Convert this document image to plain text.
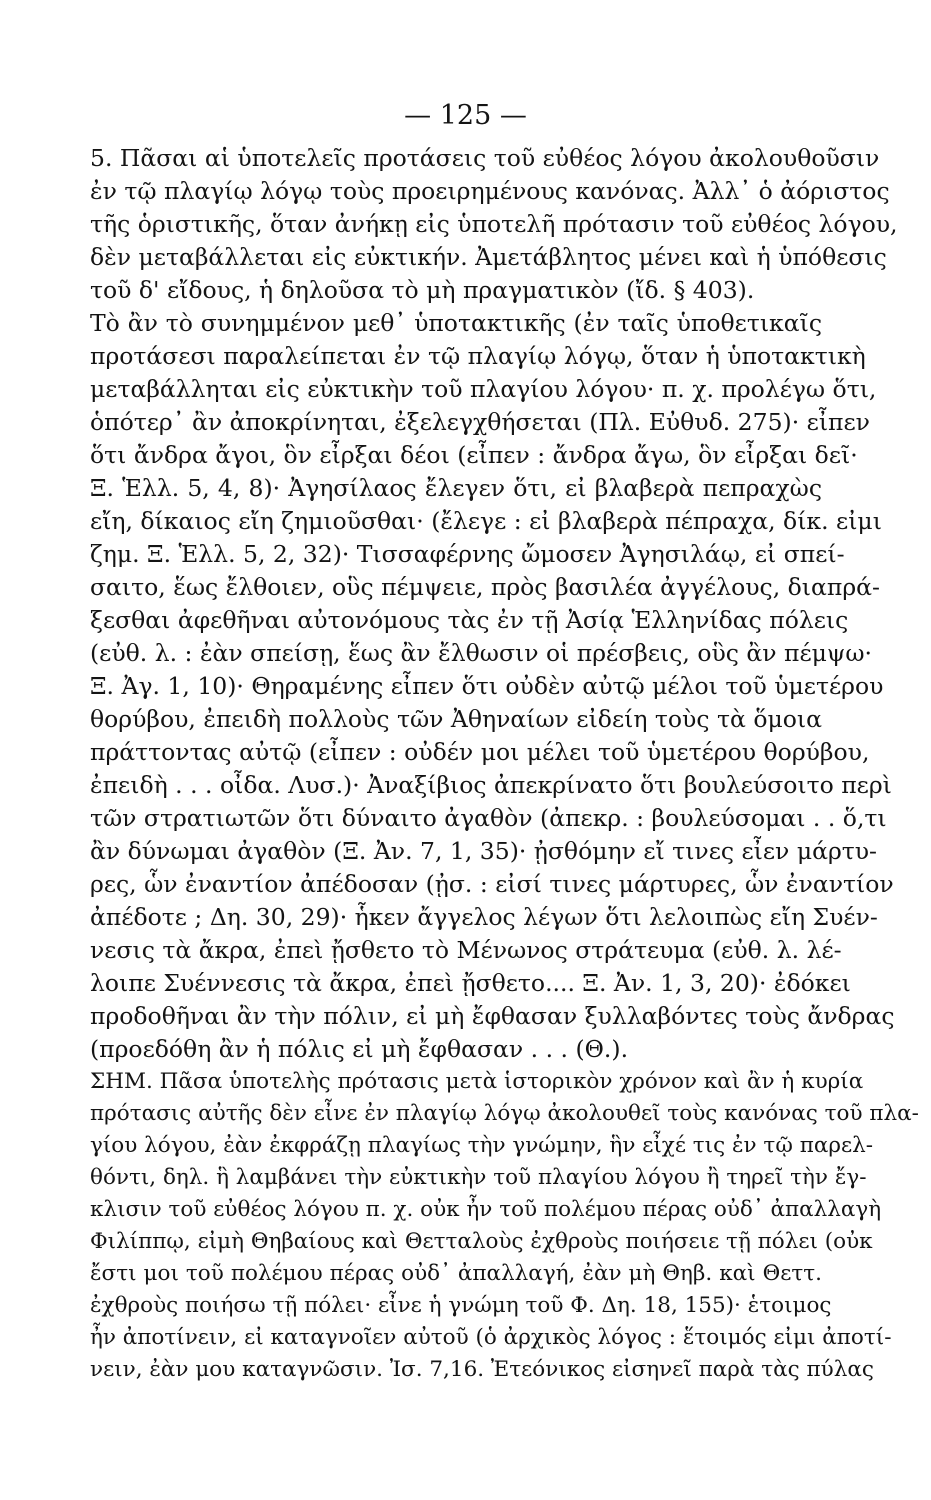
— 125 —
5. Πᾶσαι αἱ ὑποτελεῖς προτάσεις τοῦ εὐθέος λόγου ἀκολουθοῦσιν
ἐν τῷ πλαγίῳ λόγῳ τοὺς προειρημένους κανόνας. Ἀλλ᾽ ὁ ἀόριστος
τῆς ὁριστικῆς, ὅταν ἀνήκῃ εἰς ὑποτελῆ πρότασιν τοῦ εὐθέος λόγου,
δὲν μεταβάλλεται εἰς εὐκτικήν. Ἀμετάβλητος μένει καὶ ἡ ὑπόθεσις
τοῦ δ' εἴδους, ἡ δηλοῦσα τὸ μὴ πραγματικὸν (ἴδ. § 403).
Τὸ ἂν τὸ συνημμένον μεθ᾽ ὑποτακτικῆς (ἐν ταῖς ὑποθετικαῖς
προτάσεσι παραλείπεται ἐν τῷ πλαγίῳ λόγῳ, ὅταν ἡ ὑποτακτικὴ
μεταβάλληται εἰς εὐκτικὴν τοῦ πλαγίου λόγου· π. χ. προλέγω ὅτι,
ὁπότερ᾽ ἂν ἀποκρίνηται, ἐξελεγχθήσεται (Πλ. Εὐθυδ. 275)· εἶπεν
ὅτι ἄνδρα ἄγοι, ὃν εἶρξαι δέοι (εἶπεν : ἄνδρα ἄγω, ὃν εἶρξαι δεῖ·
Ξ. Ἑλλ. 5, 4, 8)· Ἀγησίλαος ἔλεγεν ὅτι, εἰ βλαβερὰ πεπραχὼς
εἴη, δίκαιος εἴη ζημιοῦσθαι· (ἔλεγε : εἰ βλαβερὰ πέπραχα, δίκ. εἰμι
ζημ. Ξ. Ἑλλ. 5, 2, 32)· Τισσαφέρνης ὤμοσεν Ἀγησιλάῳ, εἰ σπεί-
σαιτο, ἕως ἔλθοιεν, οὓς πέμψειε, πρὸς βασιλέα ἀγγέλους, διαπρά-
ξεσθαι ἀφεθῆναι αὐτονόμους τὰς ἐν τῇ Ἀσίᾳ Ἑλληνίδας πόλεις
(εὐθ. λ. : ἐὰν σπείσῃ, ἕως ἂν ἔλθωσιν οἱ πρέσβεις, οὓς ἂν πέμψω·
Ξ. Ἀγ. 1, 10)· Θηραμένης εἶπεν ὅτι οὐδὲν αὐτῷ μέλοι τοῦ ὑμετέρου
θορύβου, ἐπειδὴ πολλοὺς τῶν Ἀθηναίων εἰδείη τοὺς τὰ ὅμοια
πράττοντας αὐτῷ (εἶπεν : οὐδέν μοι μέλει τοῦ ὑμετέρου θορύβου,
ἐπειδὴ . . . οἶδα. Λυσ.)· Ἀναξίβιος ἀπεκρίνατο ὅτι βουλεύσοιτο περὶ
τῶν στρατιωτῶν ὅτι δύναιτο ἀγαθὸν (ἀπεκρ. : βουλεύσομαι . . ὅ,τι
ἂν δύνωμαι ἀγαθὸν (Ξ. Ἀν. 7, 1, 35)· ᾐσθόμην εἴ τινες εἶεν μάρτυ-
ρες, ὧν ἐναντίον ἀπέδοσαν (ᾐσ. : εἰσί τινες μάρτυρες, ὧν ἐναντίον
ἀπέδοτε ; Δη. 30, 29)· ἧκεν ἄγγελος λέγων ὅτι λελοιπὼς εἴη Συέν-
νεσις τὰ ἄκρα, ἐπεὶ ᾔσθετο τὸ Μένωνος στράτευμα (εὐθ. λ. λέ-
λοιπε Συέννεσις τὰ ἄκρα, ἐπεὶ ᾔσθετο.... Ξ. Ἀν. 1, 3, 20)· ἐδόκει
προδοθῆναι ἂν τὴν πόλιν, εἰ μὴ ἔφθασαν ξυλλαβόντες τοὺς ἄνδρας
(προεδόθη ἂν ἡ πόλις εἰ μὴ ἔφθασαν . . . (Θ.).
ΣΗΜ. Πᾶσα ὑποτελὴς πρότασις μετὰ ἱστορικὸν χρόνον καὶ ἂν ἡ κυρία
πρότασις αὐτῆς δὲν εἶνε ἐν πλαγίῳ λόγῳ ἀκολουθεῖ τοὺς κανόνας τοῦ πλα-
γίου λόγου, ἐὰν ἐκφράζῃ πλαγίως τὴν γνώμην, ἣν εἶχέ τις ἐν τῷ παρελ-
θόντι, δηλ. ἣ λαμβάνει τὴν εὐκτικὴν τοῦ πλαγίου λόγου ἢ τηρεῖ τὴν ἔγ-
κλισιν τοῦ εὐθέος λόγου π. χ. οὐκ ἦν τοῦ πολέμου πέρας οὐδ᾽ ἀπαλλαγὴ
Φιλίππῳ, εἰμὴ Θηβαίους καὶ Θετταλοὺς ἐχθροὺς ποιήσειε τῇ πόλει (οὐκ
ἔστι μοι τοῦ πολέμου πέρας οὐδ᾽ ἀπαλλαγή, ἐὰν μὴ Θηβ. καὶ Θεττ.
ἐχθροὺς ποιήσω τῇ πόλει· εἶνε ἡ γνώμη τοῦ Φ. Δη. 18, 155)· ἑτοιμος
ἦν ἀποτίνειν, εἰ καταγνοῖεν αὐτοῦ (ὁ ἀρχικὸς λόγος : ἕτοιμός εἰμι ἀποτί-
νειν, ἐὰν μου καταγνῶσιν. Ἰσ. 7,16. Ἐτεόνικος εἰσηνεῖ παρὰ τὰς πύλας
